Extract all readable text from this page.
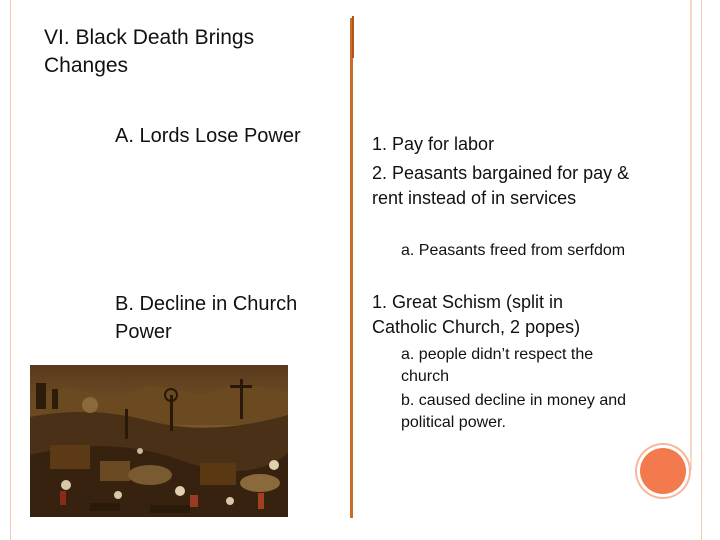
VI. Black Death Brings Changes
A. Lords Lose Power
B. Decline in Church Power
1. Pay for labor
2. Peasants bargained for pay & rent instead of in services
a. Peasants freed from serfdom
1. Great Schism (split in Catholic Church, 2 popes)
a. people didn’t respect the church
b. caused decline in money and political power.
